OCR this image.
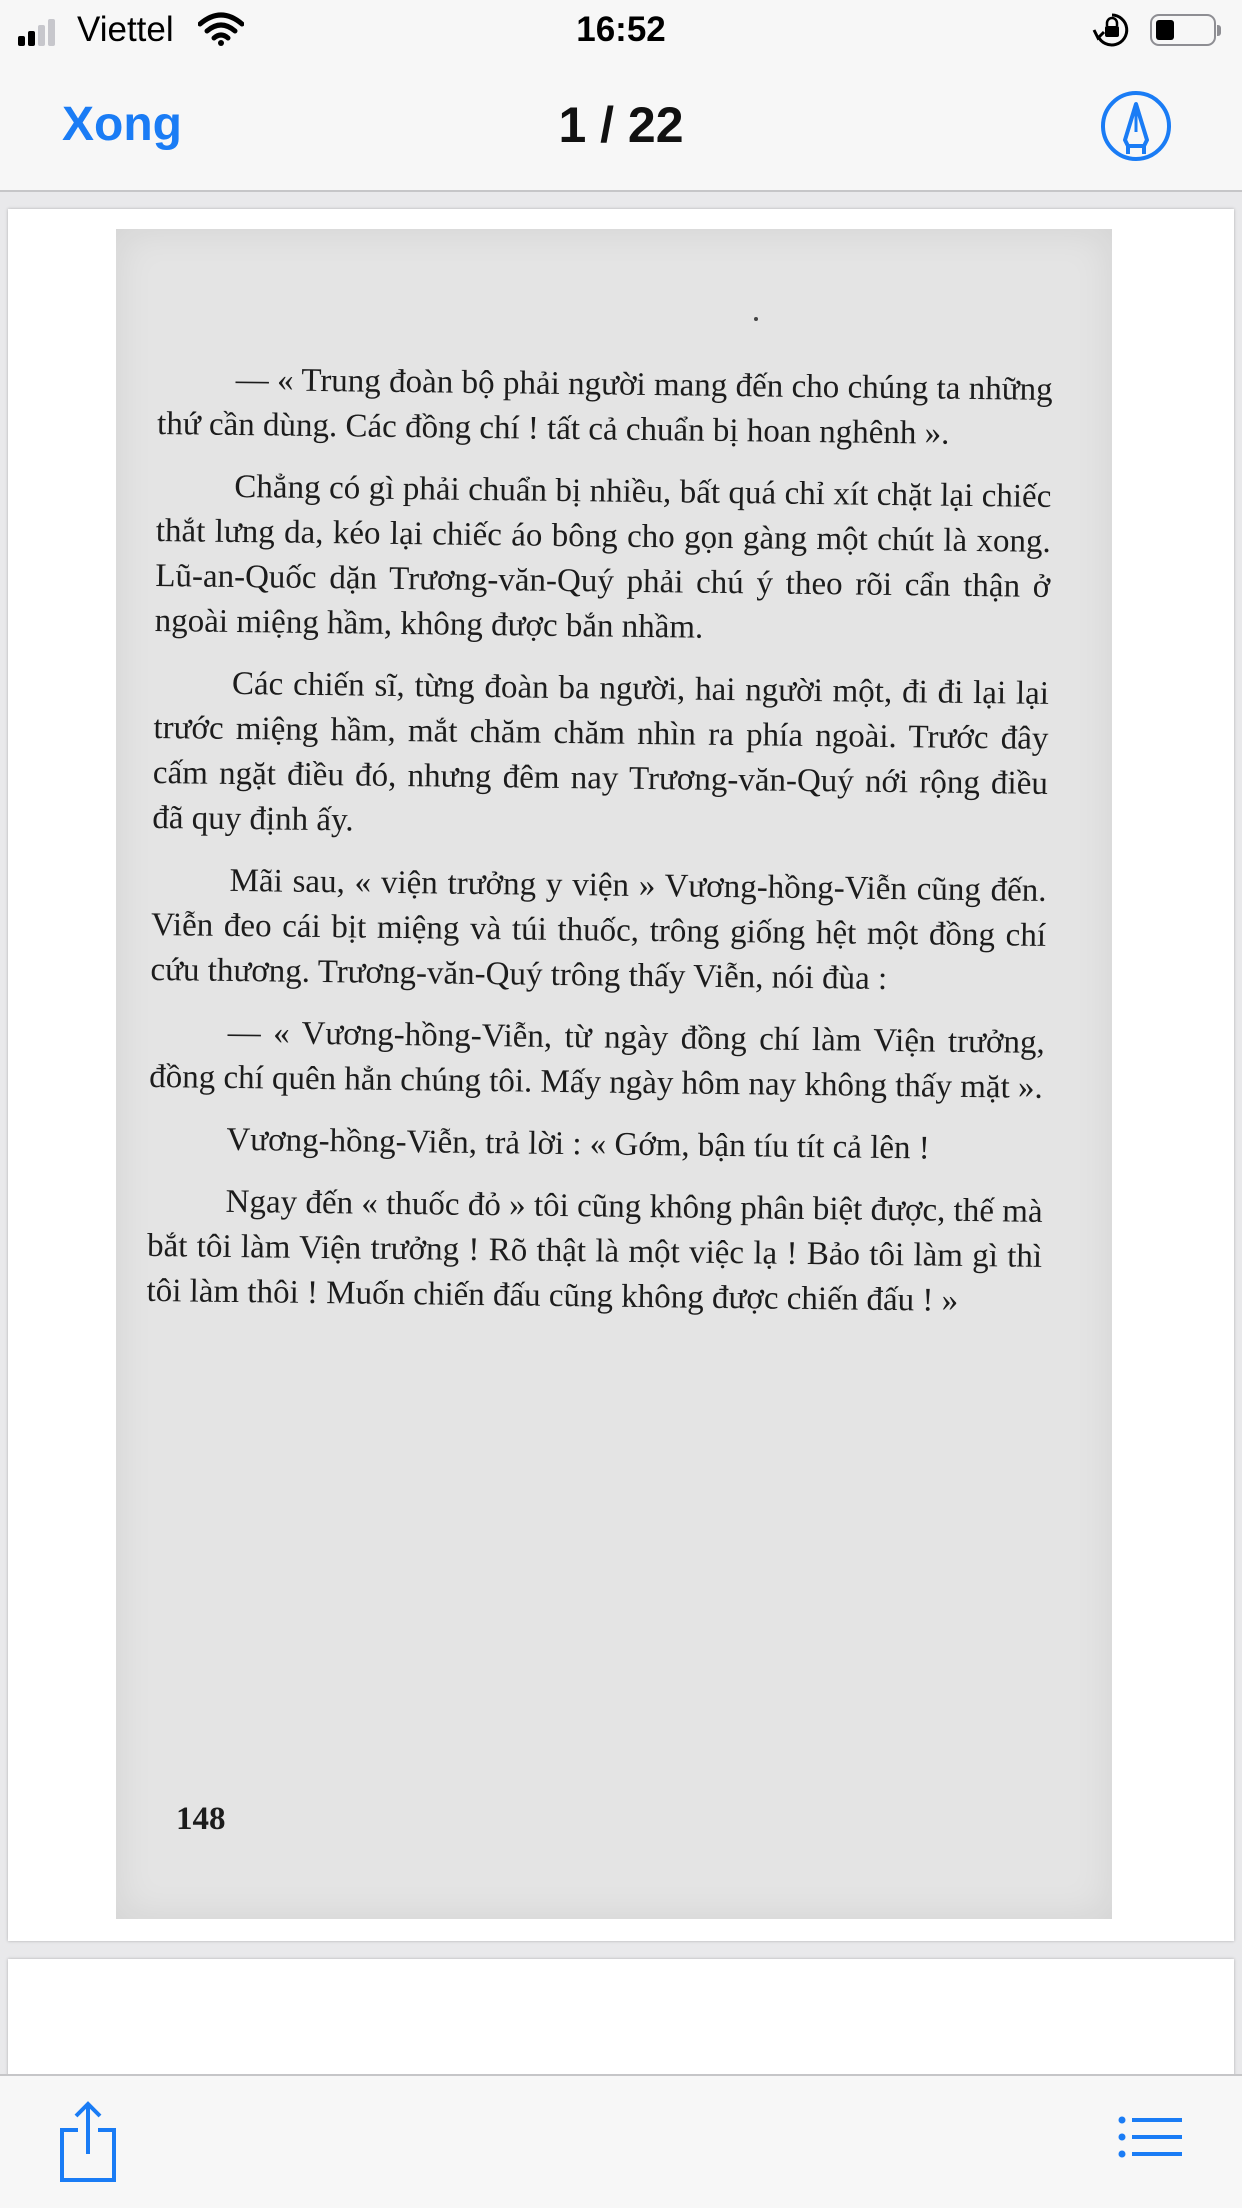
Viettel	16:52
Xong	1 / 22

— « Trung đoàn bộ phải người mang đến cho chúng ta những thứ cần dùng. Các đồng chí ! tất cả chuẩn bị hoan nghênh ».

Chẳng có gì phải chuẩn bị nhiều, bất quá chỉ xít chặt lại chiếc thắt lưng da, kéo lại chiếc áo bông cho gọn gàng một chút là xong. Lũ-an-Quốc dặn Trương-văn-Quý phải chú ý theo rõi cẩn thận ở ngoài miệng hầm, không được bắn nhầm.

Các chiến sĩ, từng đoàn ba người, hai người một, đi đi lại lại trước miệng hầm, mắt chăm chăm nhìn ra phía ngoài. Trước đây cấm ngặt điều đó, nhưng đêm nay Trương-văn-Quý nới rộng điều đã quy định ấy.

Mãi sau, « viện trưởng y viện » Vương-hồng-Viễn cũng đến. Viễn đeo cái bịt miệng và túi thuốc, trông giống hệt một đồng chí cứu thương. Trương-văn-Quý trông thấy Viễn, nói đùa :

— « Vương-hồng-Viễn, từ ngày đồng chí làm Viện trưởng, đồng chí quên hẳn chúng tôi. Mấy ngày hôm nay không thấy mặt ».

Vương-hồng-Viễn, trả lời : « Gớm, bận tíu tít cả lên !

Ngay đến « thuốc đỏ » tôi cũng không phân biệt được, thế mà bắt tôi làm Viện trưởng ! Rõ thật là một việc lạ ! Bảo tôi làm gì thì tôi làm thôi ! Muốn chiến đấu cũng không được chiến đấu ! »

148
